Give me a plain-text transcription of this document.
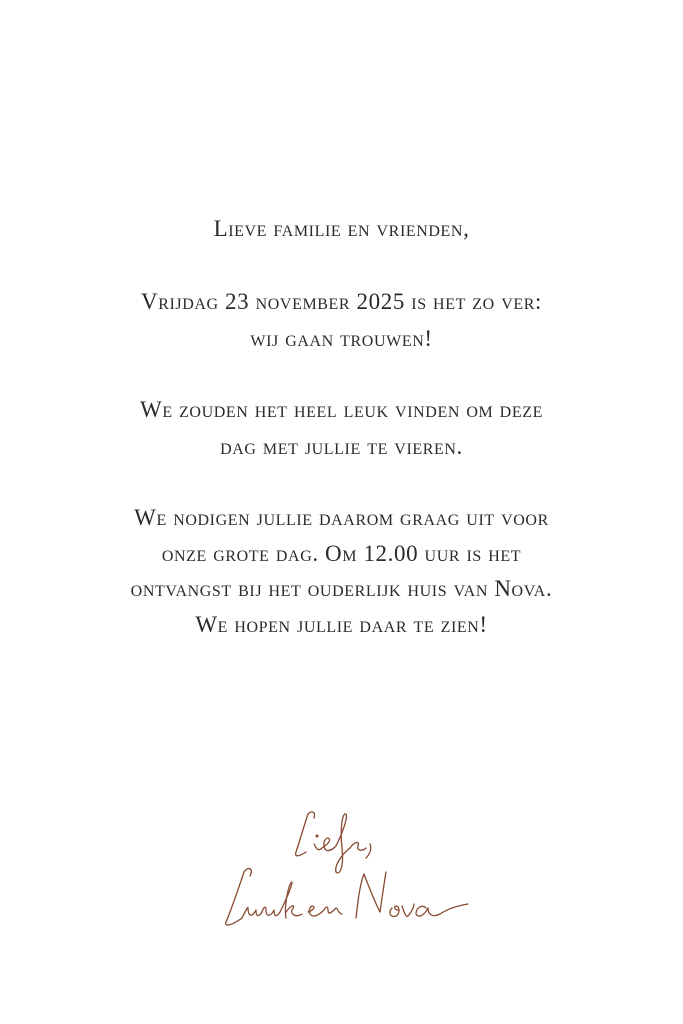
Lieve familie en vrienden,
Vrijdag 23 november 2025 is het zo ver:
wij gaan trouwen!
We zouden het heel leuk vinden om deze
dag met jullie te vieren.
We nodigen jullie daarom graag uit voor
onze grote dag. Om 12.00 uur is het
ontvangst bij het ouderlijk huis van Nova.
We hopen jullie daar te zien!
